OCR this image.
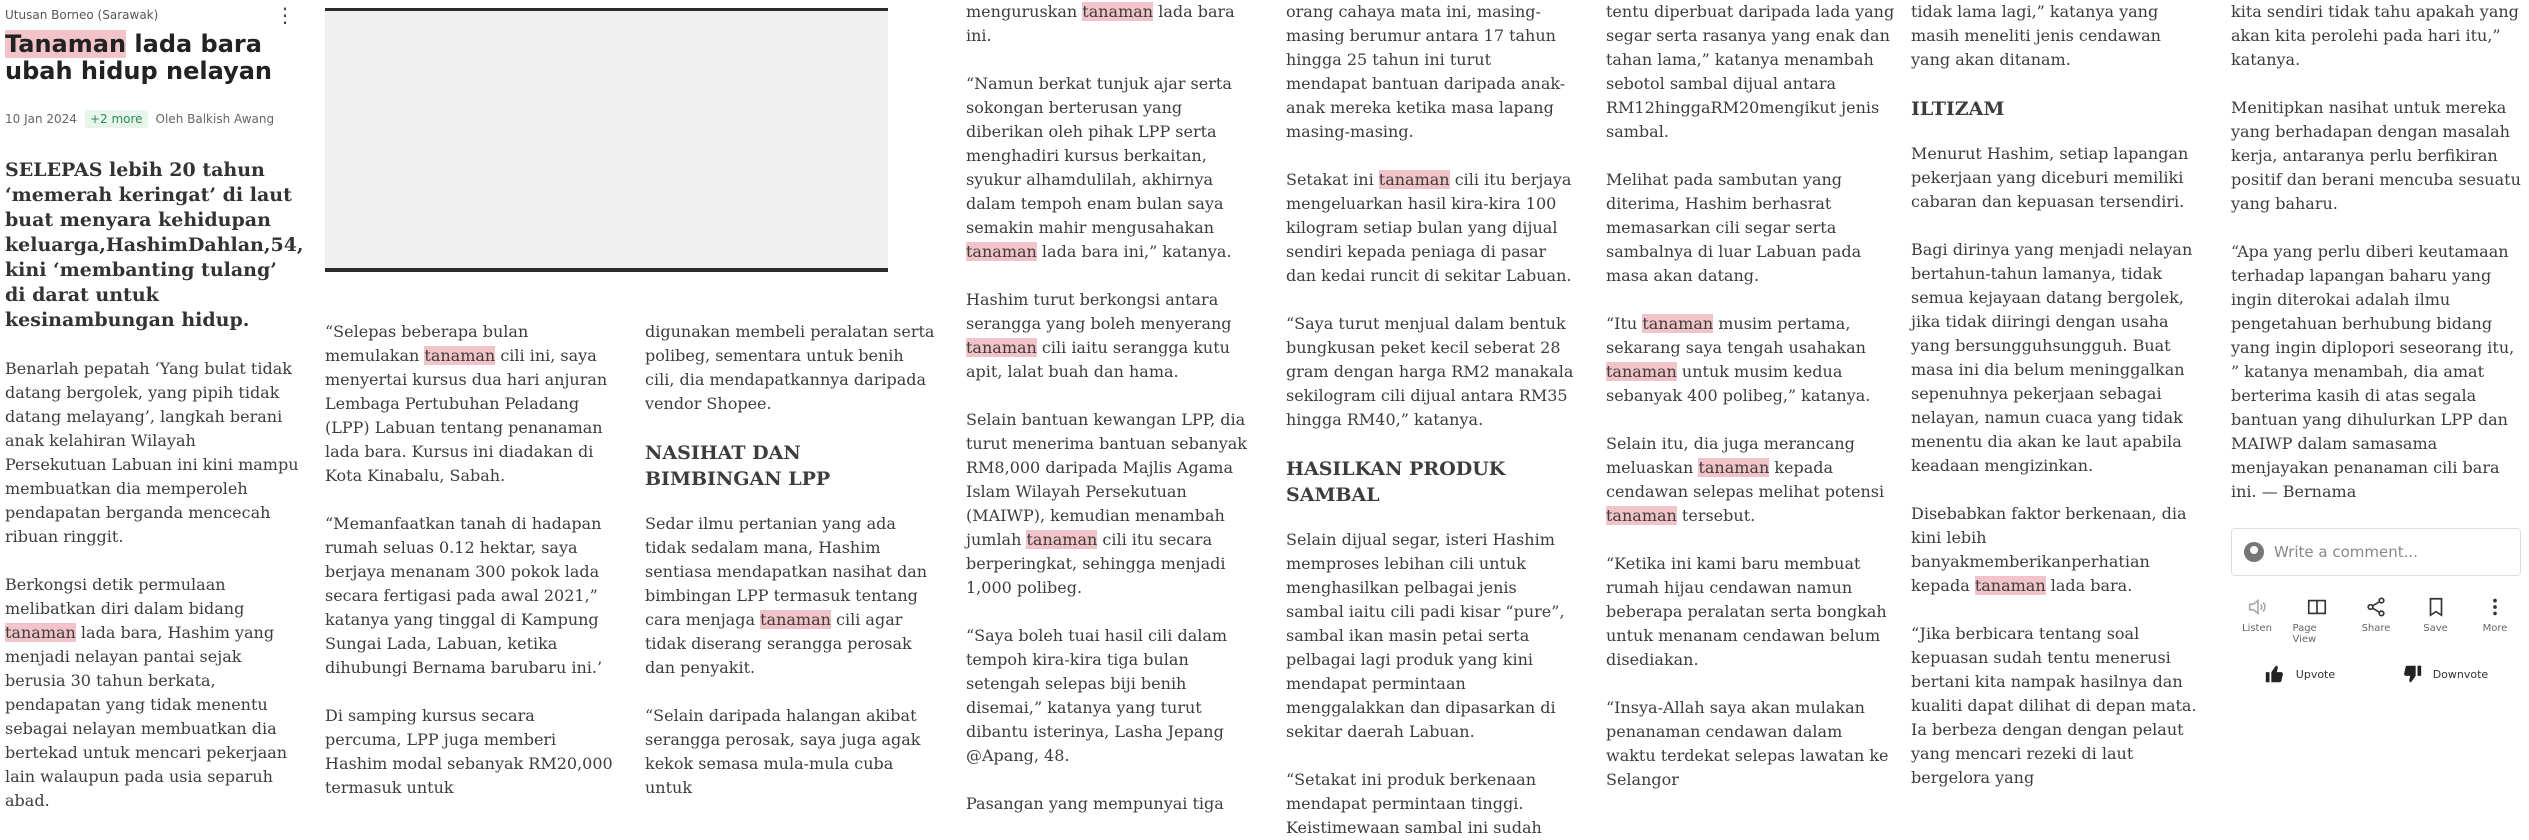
Utusan Borneo (Sarawak)	⋮
Tanaman lada bara ubah hidup nelayan
10 Jan 2024	+2 more	Oleh Balkish Awang
SELEPAS lebih 20 tahun ‘memerah keringat’ di laut buat menyara kehidupan keluarga,HashimDahlan,54, kini ‘membanting tulang’ di darat untuk kesinambungan hidup.

Benarlah pepatah ‘Yang bulat tidak datang bergolek, yang pipih tidak datang melayang’, langkah berani anak kelahiran Wilayah Persekutuan Labuan ini kini mampu membuatkan dia memperoleh pendapatan berganda mencecah ribuan ringgit.

Berkongsi detik permulaan melibatkan diri dalam bidang tanaman lada bara, Hashim yang menjadi nelayan pantai sejak berusia 30 tahun berkata, pendapatan yang tidak menentu sebagai nelayan membuatkan dia bertekad untuk mencari pekerjaan lain walaupun pada usia separuh abad.

“Selepas beberapa bulan memulakan tanaman cili ini, saya menyertai kursus dua hari anjuran Lembaga Pertubuhan Peladang (LPP) Labuan tentang penanaman lada bara. Kursus ini diadakan di Kota Kinabalu, Sabah.

“Memanfaatkan tanah di hadapan rumah seluas 0.12 hektar, saya berjaya menanam 300 pokok lada secara fertigasi pada awal 2021,” katanya yang tinggal di Kampung Sungai Lada, Labuan, ketika dihubungi Bernama barubaru ini.’

Di samping kursus secara percuma, LPP juga memberi Hashim modal sebanyak RM20,000 termasuk untuk

digunakan membeli peralatan serta polibeg, sementara untuk benih cili, dia mendapatkannya daripada vendor Shopee.

NASIHAT DAN BIMBINGAN LPP

Sedar ilmu pertanian yang ada tidak sedalam mana, Hashim sentiasa mendapatkan nasihat dan bimbingan LPP termasuk tentang cara menjaga tanaman cili agar tidak diserang serangga perosak dan penyakit.

“Selain daripada halangan akibat serangga perosak, saya juga agak kekok semasa mula-mula cuba untuk

menguruskan tanaman lada bara ini.

“Namun berkat tunjuk ajar serta sokongan berterusan yang diberikan oleh pihak LPP serta menghadiri kursus berkaitan, syukur alhamdulilah, akhirnya dalam tempoh enam bulan saya semakin mahir mengusahakan tanaman lada bara ini,” katanya.

Hashim turut berkongsi antara serangga yang boleh menyerang tanaman cili iaitu serangga kutu apit, lalat buah dan hama.

Selain bantuan kewangan LPP, dia turut menerima bantuan sebanyak RM8,000 daripada Majlis Agama Islam Wilayah Persekutuan (MAIWP), kemudian menambah jumlah tanaman cili itu secara berperingkat, sehingga menjadi 1,000 polibeg.

“Saya boleh tuai hasil cili dalam tempoh kira-kira tiga bulan setengah selepas biji benih disemai,” katanya yang turut dibantu isterinya, Lasha Jepang @Apang, 48.

Pasangan yang mempunyai tiga

orang cahaya mata ini, masing-masing berumur antara 17 tahun hingga 25 tahun ini turut mendapat bantuan daripada anak-anak mereka ketika masa lapang masing-masing.

Setakat ini tanaman cili itu berjaya mengeluarkan hasil kira-kira 100 kilogram setiap bulan yang dijual sendiri kepada peniaga di pasar dan kedai runcit di sekitar Labuan.

“Saya turut menjual dalam bentuk bungkusan peket kecil seberat 28 gram dengan harga RM2 manakala sekilogram cili dijual antara RM35 hingga RM40,” katanya.

HASILKAN PRODUK SAMBAL

Selain dijual segar, isteri Hashim memproses lebihan cili untuk menghasilkan pelbagai jenis sambal iaitu cili padi kisar “pure”, sambal ikan masin petai serta pelbagai lagi produk yang kini mendapat permintaan menggalakkan dan dipasarkan di sekitar daerah Labuan.

“Setakat ini produk berkenaan mendapat permintaan tinggi. Keistimewaan sambal ini sudah

tentu diperbuat daripada lada yang segar serta rasanya yang enak dan tahan lama,” katanya menambah sebotol sambal dijual antara RM12hinggaRM20mengikut jenis sambal.

Melihat pada sambutan yang diterima, Hashim berhasrat memasarkan cili segar serta sambalnya di luar Labuan pada masa akan datang.

“Itu tanaman musim pertama, sekarang saya tengah usahakan tanaman untuk musim kedua sebanyak 400 polibeg,” katanya.

Selain itu, dia juga merancang meluaskan tanaman kepada cendawan selepas melihat potensi tanaman tersebut.

“Ketika ini kami baru membuat rumah hijau cendawan namun beberapa peralatan serta bongkah untuk menanam cendawan belum disediakan.

“Insya-Allah saya akan mulakan penanaman cendawan dalam waktu terdekat selepas lawatan ke Selangor

tidak lama lagi,” katanya yang masih meneliti jenis cendawan yang akan ditanam.

ILTIZAM

Menurut Hashim, setiap lapangan pekerjaan yang diceburi memiliki cabaran dan kepuasan tersendiri.

Bagi dirinya yang menjadi nelayan bertahun-tahun lamanya, tidak semua kejayaan datang bergolek, jika tidak diiringi dengan usaha yang bersungguhsungguh. Buat masa ini dia belum meninggalkan sepenuhnya pekerjaan sebagai nelayan, namun cuaca yang tidak menentu dia akan ke laut apabila keadaan mengizinkan.

Disebabkan faktor berkenaan, dia kini lebih banyakmemberikanperhatian kepada tanaman lada bara.

“Jika berbicara tentang soal kepuasan sudah tentu menerusi bertani kita nampak hasilnya dan kualiti dapat dilihat di depan mata. Ia berbeza dengan dengan pelaut yang mencari rezeki di laut bergelora yang

kita sendiri tidak tahu apakah yang akan kita perolehi pada hari itu,” katanya.

Menitipkan nasihat untuk mereka yang berhadapan dengan masalah kerja, antaranya perlu berfikiran positif dan berani mencuba sesuatu yang baharu.

“Apa yang perlu diberi keutamaan terhadap lapangan baharu yang ingin diterokai adalah ilmu pengetahuan berhubung bidang yang ingin diplopori seseorang itu, ” katanya menambah, dia amat berterima kasih di atas segala bantuan yang dihulurkan LPP dan MAIWP dalam samasama menjayakan penanaman cili bara ini. — Bernama

Write a comment...
Listen Page View
Share	Save	More
Upvote	Downvote
